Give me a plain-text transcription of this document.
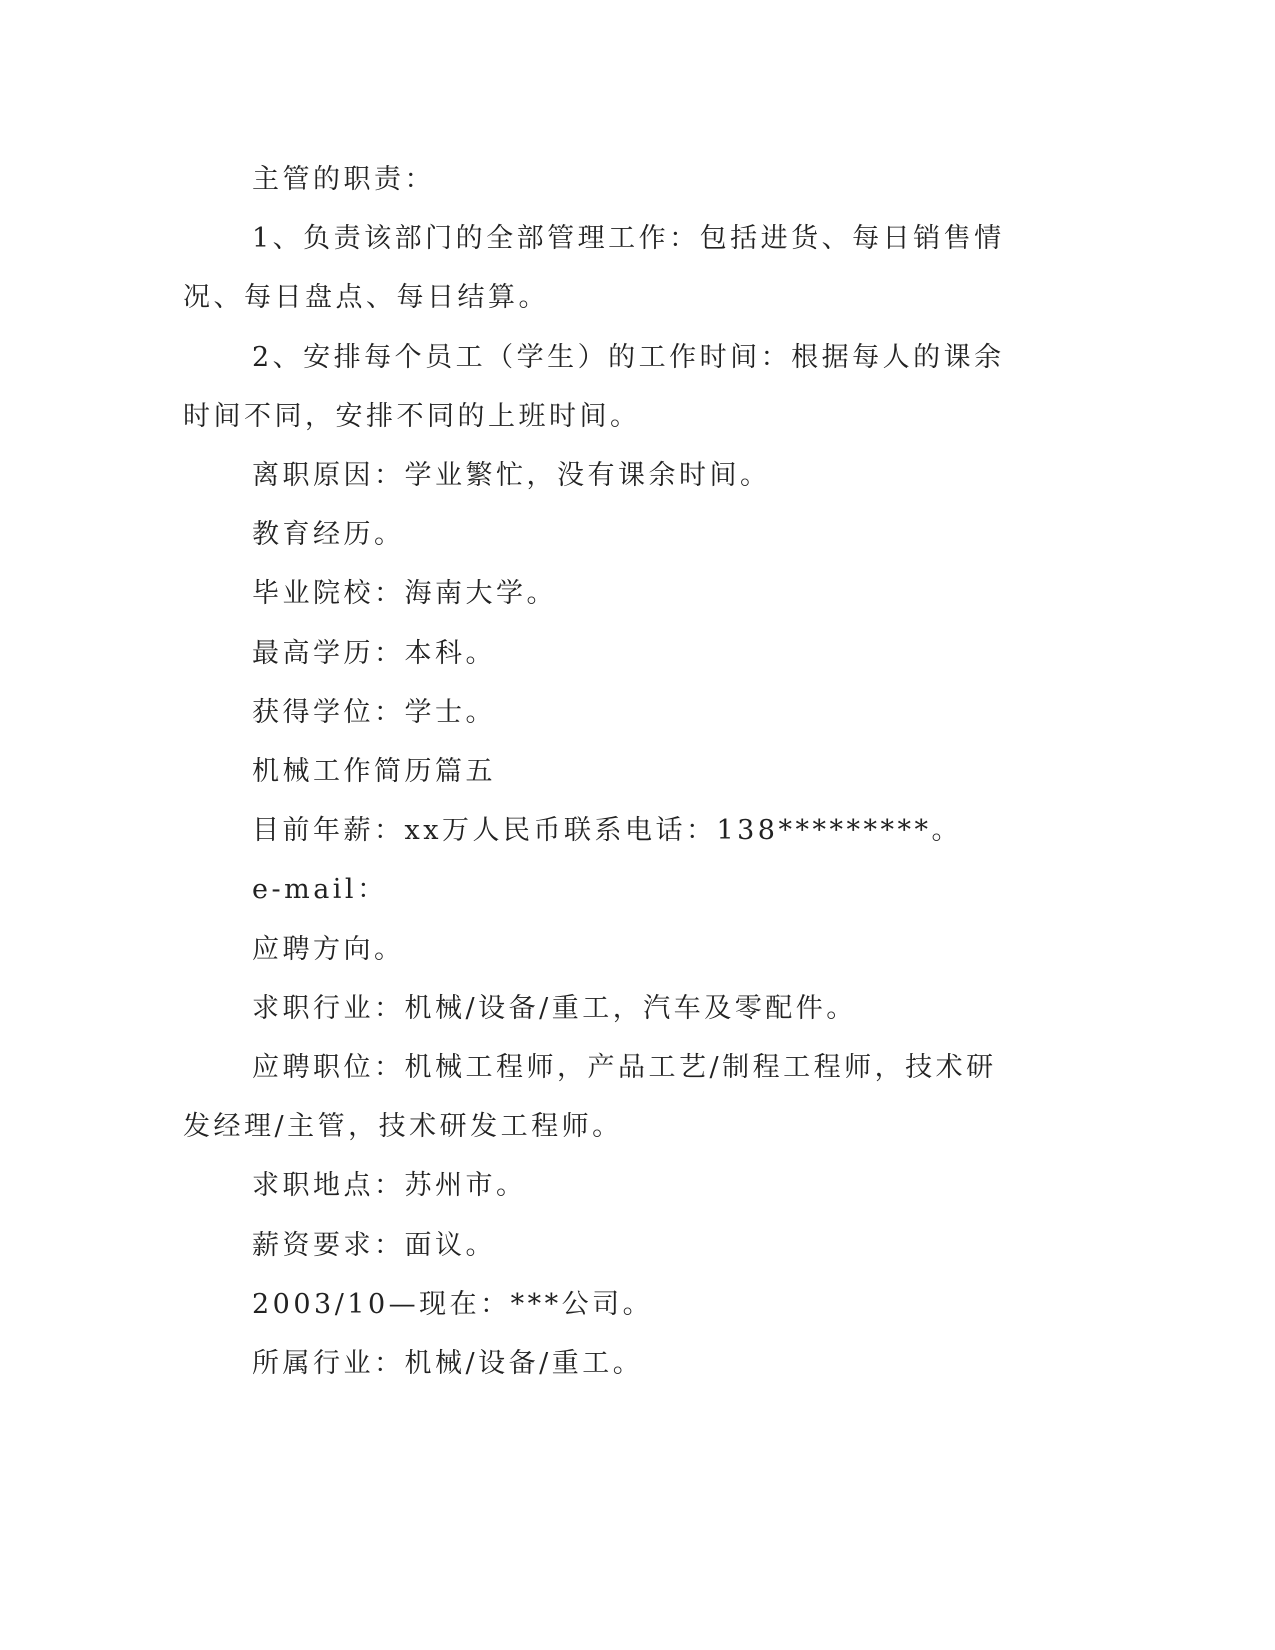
主管的职责：

1、负责该部门的全部管理工作：包括进货、每日销售情况、每日盘点、每日结算。

2、安排每个员工（学生）的工作时间：根据每人的课余时间不同，安排不同的上班时间。

离职原因：学业繁忙，没有课余时间。

教育经历。

毕业院校：海南大学。

最高学历：本科。

获得学位：学士。

机械工作简历篇五

目前年薪：xx万人民币联系电话：138*********。

e-mail：

应聘方向。

求职行业：机械/设备/重工，汽车及零配件。

应聘职位：机械工程师，产品工艺/制程工程师，技术研发经理/主管，技术研发工程师。

求职地点：苏州市。

薪资要求：面议。

2003/10—现在：***公司。

所属行业：机械/设备/重工。
